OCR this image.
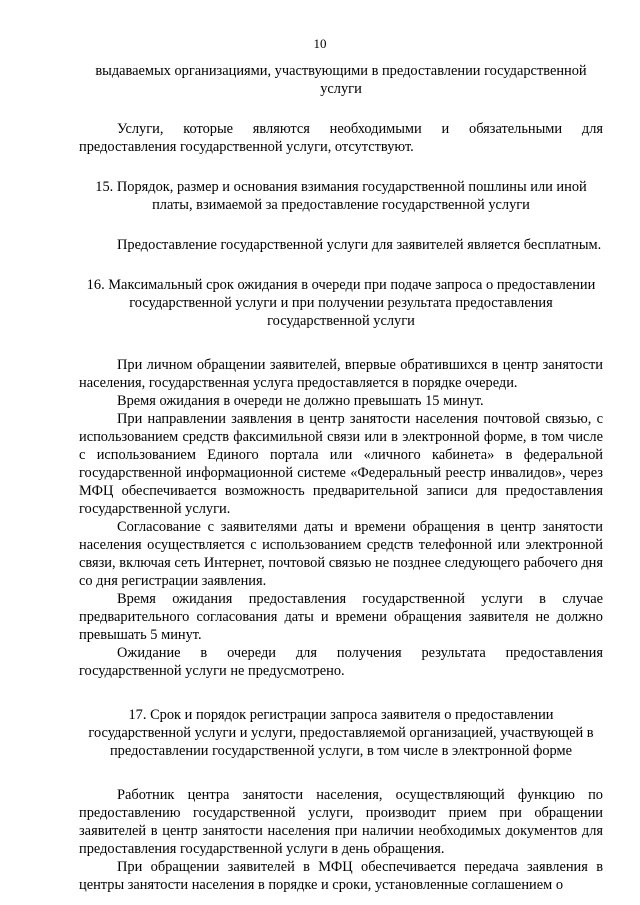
10

выдаваемых организациями, участвующими в предоставлении государственной услуги

Услуги, которые являются необходимыми и обязательными для предоставления государственной услуги, отсутствуют.

15. Порядок, размер и основания взимания государственной пошлины или иной платы, взимаемой за предоставление государственной услуги

Предоставление государственной услуги для заявителей является бесплатным.

16. Максимальный срок ожидания в очереди при подаче запроса о предоставлении государственной услуги и при получении результата предоставления государственной услуги

При личном обращении заявителей, впервые обратившихся в центр занятости населения, государственная услуга предоставляется в порядке очереди.

Время ожидания в очереди не должно превышать 15 минут.

При направлении заявления в центр занятости населения почтовой связью, с использованием средств факсимильной связи или в электронной форме, в том числе с использованием Единого портала или «личного кабинета» в федеральной государственной информационной системе «Федеральный реестр инвалидов», через МФЦ обеспечивается возможность предварительной записи для предоставления государственной услуги.

Согласование с заявителями даты и времени обращения в центр занятости населения осуществляется с использованием средств телефонной или электронной связи, включая сеть Интернет, почтовой связью не позднее следующего рабочего дня со дня регистрации заявления.

Время ожидания предоставления государственной услуги в случае предварительного согласования даты и времени обращения заявителя не должно превышать 5 минут.

Ожидание в очереди для получения результата предоставления государственной услуги не предусмотрено.

17. Срок и порядок регистрации запроса заявителя о предоставлении государственной услуги и услуги, предоставляемой организацией, участвующей в предоставлении государственной услуги, в том числе в электронной форме

Работник центра занятости населения, осуществляющий функцию по предоставлению государственной услуги, производит прием при обращении заявителей в центр занятости населения при наличии необходимых документов для предоставления государственной услуги в день обращения.

При обращении заявителей в МФЦ обеспечивается передача заявления в центры занятости населения в порядке и сроки, установленные соглашением о
